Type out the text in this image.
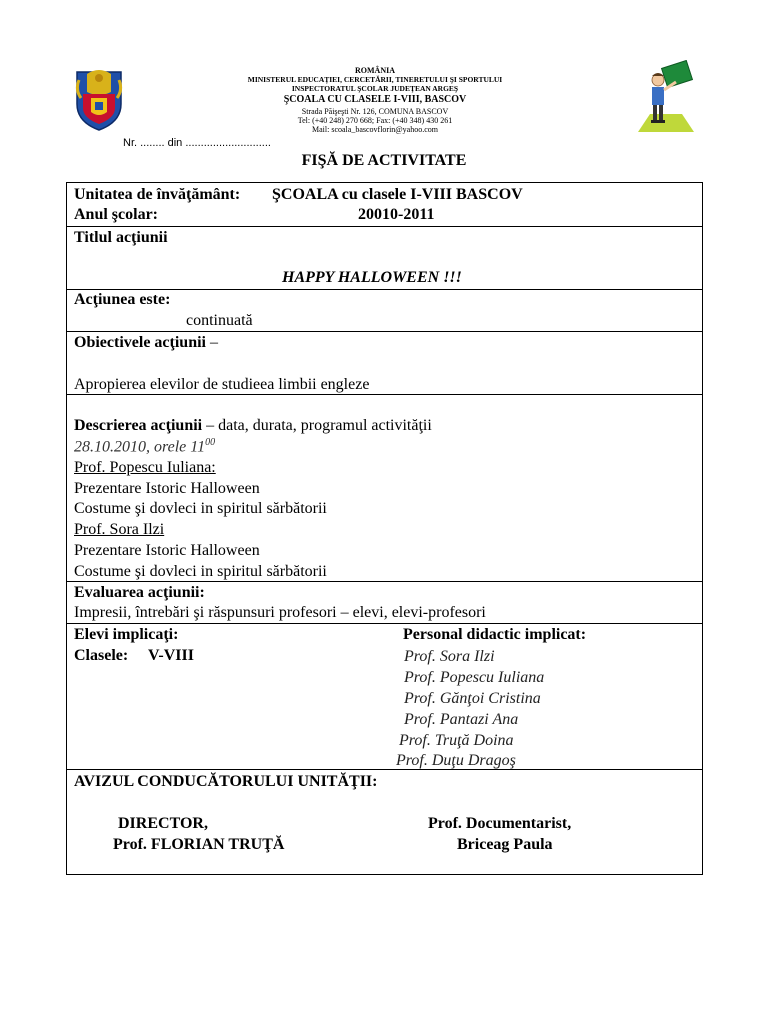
ROMÂNIA
MINISTERUL EDUCAŢIEI, CERCETĂRII, TINERETULUI ŞI SPORTULUI
INSPECTORATUL ŞCOLAR JUDEŢEAN ARGEŞ
ŞCOALA CU CLASELE I-VIII, BASCOV
Strada Păişeşti Nr. 126, COMUNA BASCOV
Tel: (+40 248) 270 668; Fax: (+40 348) 430 261
Mail: scoala_bascovflorin@yahoo.com
Nr. ........ din ............................
FIŞĂ DE ACTIVITATE
Unitatea de învăţământ: ŞCOALA cu clasele I-VIII BASCOV
Anul şcolar:	20010-2011
Titlul acţiunii
HAPPY HALLOWEEN !!!
Acţiunea este:
continuată
Obiectivele acţiunii –
Apropierea elevilor de studieea limbii engleze
Descrierea acţiunii – data, durata, programul activităţii
28.10.2010, orele $11^{00}$
Prof. Popescu Iuliana:
Prezentare Istoric Halloween
Costume şi dovleci in spiritul sărbătorii
Prof. Sora Ilzi
Prezentare Istoric Halloween
Costume şi dovleci in spiritul sărbătorii
Evaluarea acţiunii:
Impresii, întrebări şi răspunsuri profesori – elevi, elevi-profesori
Elevi implicaţi:
Clasele: V-VIII
Personal didactic implicat:
Prof. Sora Ilzi
Prof. Popescu Iuliana
Prof. Gănţoi Cristina
Prof. Pantazi Ana
Prof. Truţă Doina
Prof. Duţu Dragoş
AVIZUL CONDUCĂTORULUI UNITĂŢII:
DIRECTOR,
Prof. FLORIAN TRUŢĂ
Prof. Documentarist,
Briceag Paula
